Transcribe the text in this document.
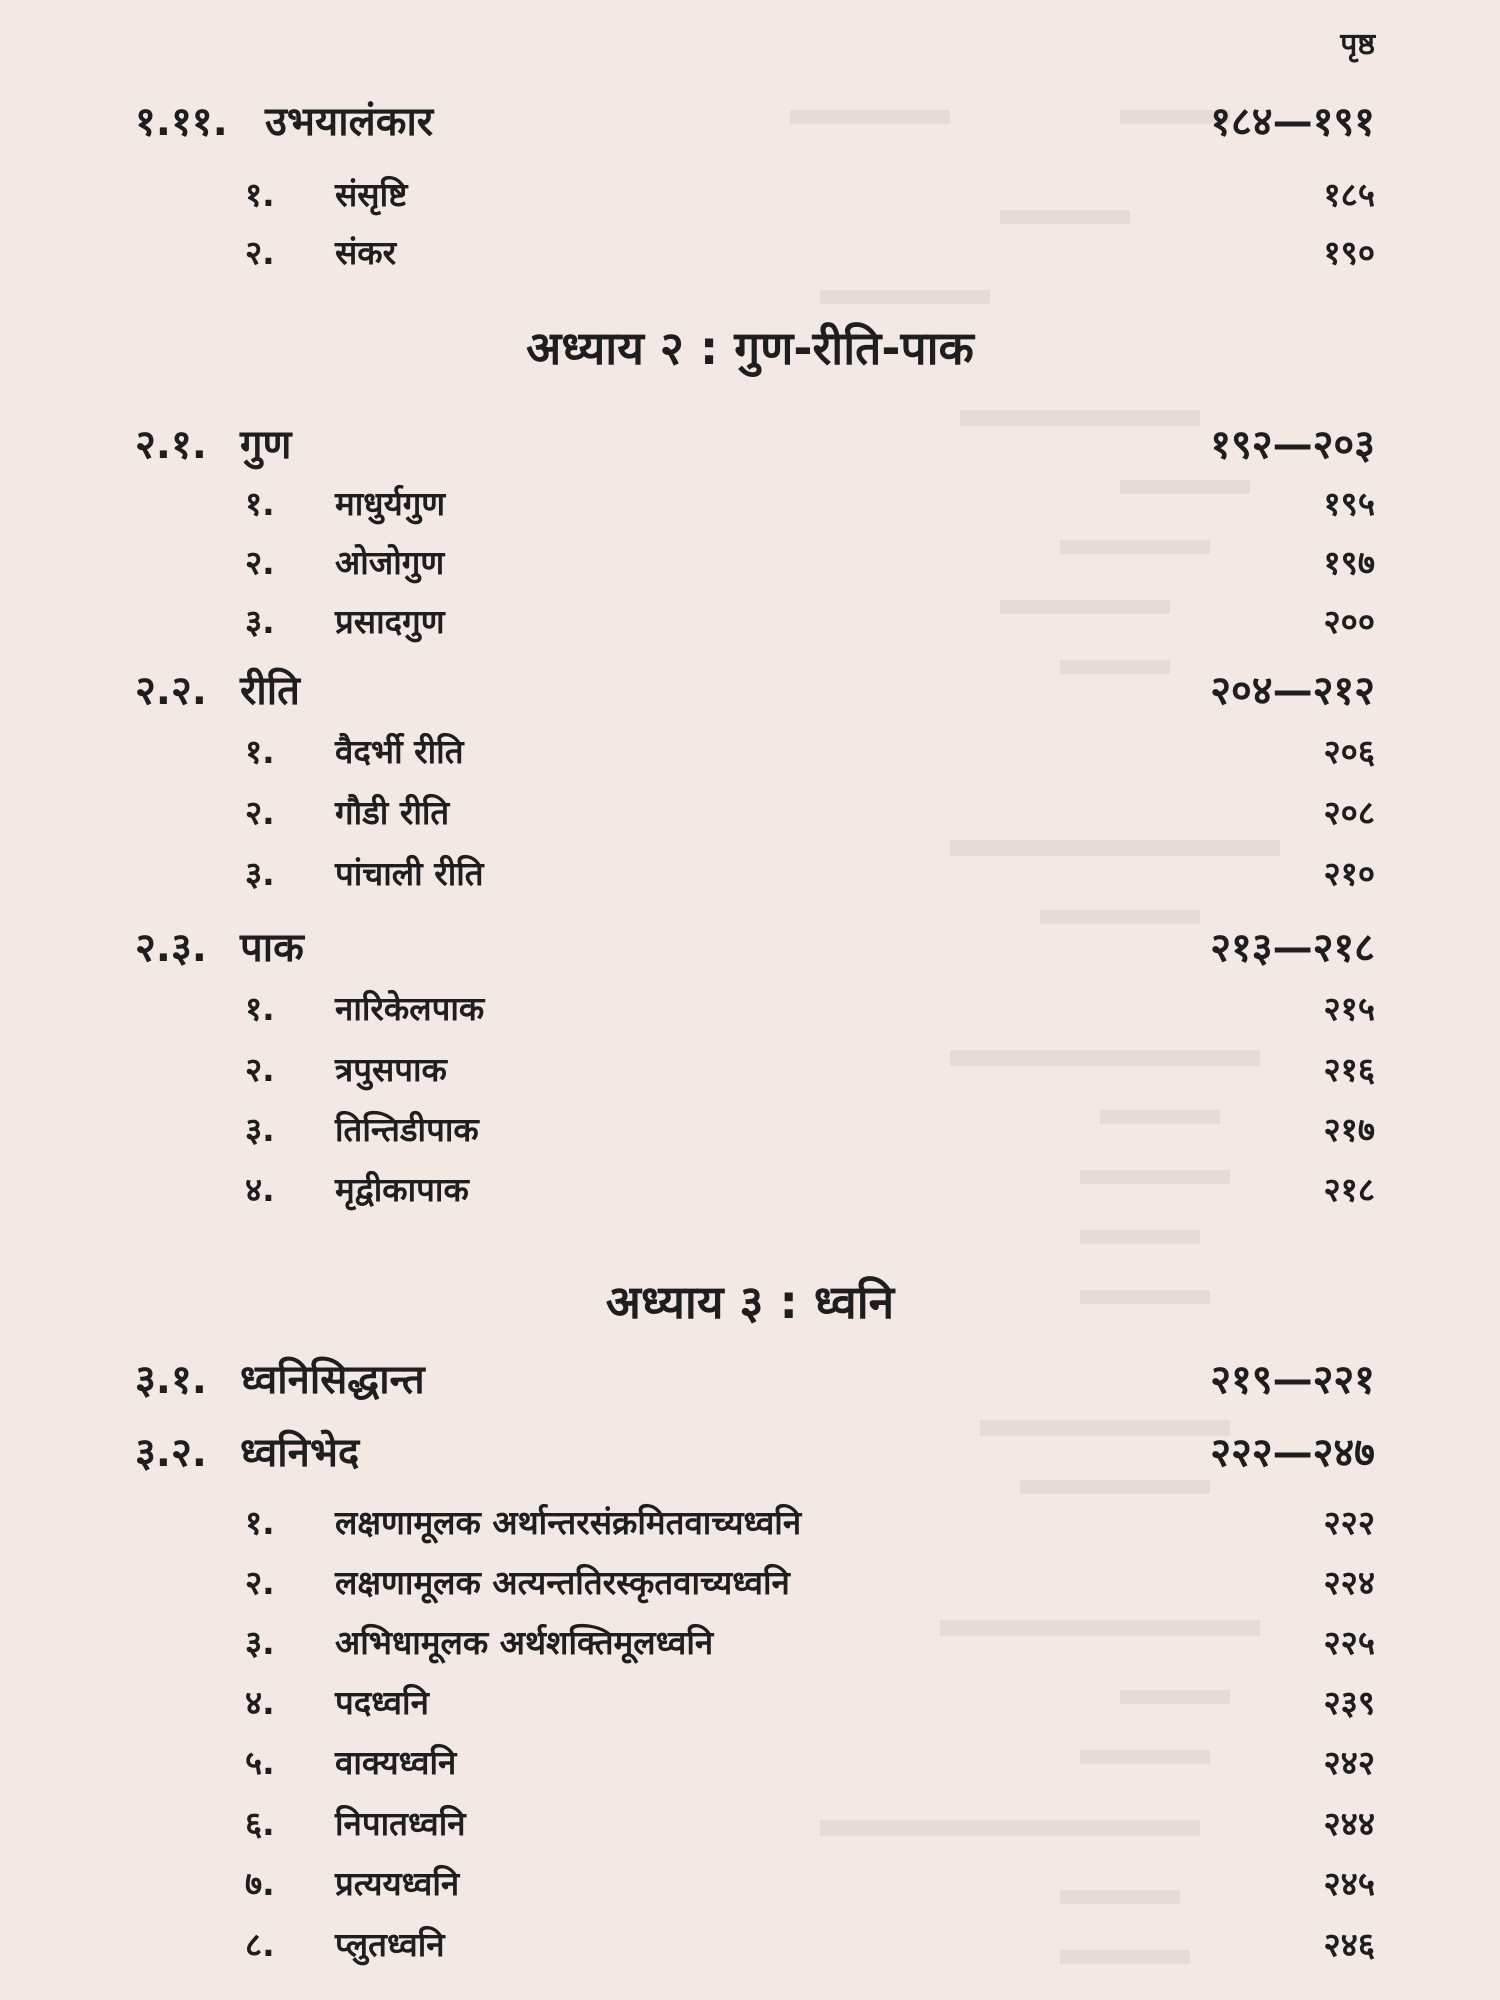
पृष्ठ
१.११. उभयालंकार	१८४—१९१
१. संसृष्टि	१८५
२. संकर	१९०
अध्याय २ : गुण-रीति-पाक
२.१. गुण	१९२—२०३
१. माधुर्यगुण	१९५
२. ओजोगुण	१९७
३. प्रसादगुण	२००
२.२. रीति	२०४—२१२
१. वैदर्भी रीति	२०६
२. गौडी रीति	२०८
३. पांचाली रीति	२१०
२.३. पाक	२१३—२१८
१. नारिकेलपाक	२१५
२. त्रपुसपाक	२१६
३. तिन्तिडीपाक	२१७
४. मृद्वीकापाक	२१८
अध्याय ३ : ध्वनि
३.१. ध्वनिसिद्धान्त	२१९—२२१
३.२. ध्वनिभेद	२२२—२४७
१. लक्षणामूलक अर्थान्तरसंक्रमितवाच्यध्वनि	२२२
२. लक्षणामूलक अत्यन्ततिरस्कृतवाच्यध्वनि	२२४
३. अभिधामूलक अर्थशक्तिमूलध्वनि	२२५
४. पदध्वनि	२३९
५. वाक्यध्वनि	२४२
६. निपातध्वनि	२४४
७. प्रत्ययध्वनि	२४५
८. प्लुतध्वनि	२४६
